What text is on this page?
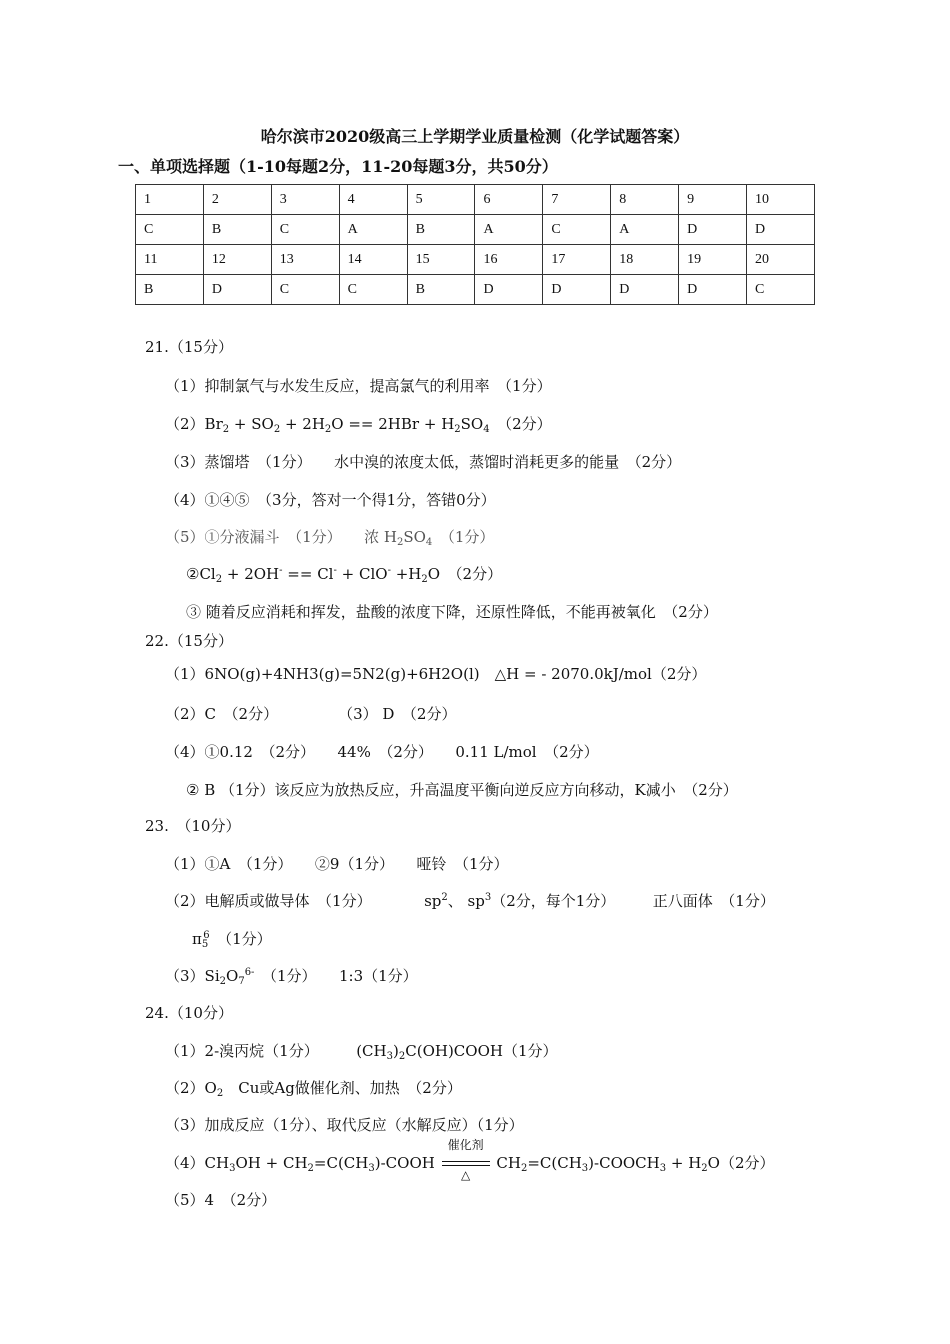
哈尔滨市2020级高三上学期学业质量检测（化学试题答案）
一、单项选择题（1-10每题2分，11-20每题3分，共50分）
1	2	3	4	5	6	7	8	9	10
C	B	C	A	B	A	C	A	D	D
11	12	13	14	15	16	17	18	19	20
B	D	C	C	B	D	D	D	D	C
21.（15分）
（1）抑制氯气与水发生反应，提高氯气的利用率　（1分）
$(2)Br_2 + SO_2 + 2H_2O == 2HBr + H_2SO_4$　（2分）
（3）蒸馏塔　（1分）　　水中溴的浓度太低，蒸馏时消耗更多的能量　（2分）
（4）①④⑤　（3分，答对一个得1分，答错0分）
（5）①分液漏斗　 （1分）　　浓 $H_2SO_4$　 （1分）
$②Cl_2 + 2OH^- == Cl^- + ClO^- +H_2O$　（2分）
③ 随着反应消耗和挥发，盐酸的浓度下降，还原性降低，不能再被氧化　（2分）
22.（15分）
（1）6NO(g)+4NH3(g)=5N2(g)+6H2O(l)　△H = - 2070.0kJ/mol（2分）
（2）C　（2分）　　　　　（3） D　（2分）
（4）①0.12　（2分）　　44%　（2分）　　0.11 L/mol　（2分）
② B （1分）该反应为放热反应，升高温度平衡向逆反应方向移动，K减小　（2分）
23.　（10分）
（1）①A　（1分）　　②9（1分）　　哑铃　（1分）
（2）电解质或做导体　（1分）　　　　$sp^2$、 $sp^3(2$分，每个1分）　　　正八面体　（1分）
$\pi_5^6$　（1分）
$(3)Si_2O_7^{6-}$　（1分）　　1:3（1分）
24.（10分）
（1）2-溴丙烷（1分）　　　$(CH_3)_2C(OH)COOH(1$分）
$(2)O_2$　Cu或Ag做催化剂、加热　（2分）
（3）加成反应（1分）、取代反应（水解反应）（1分）
$(4)CH_3OH$ + $CH_2=C(CH_3)$-COOH
催化剂
△
$CH_2=C(CH_3)-COOCH_3 + H_2O(2$分）
（5）4　（2分）
